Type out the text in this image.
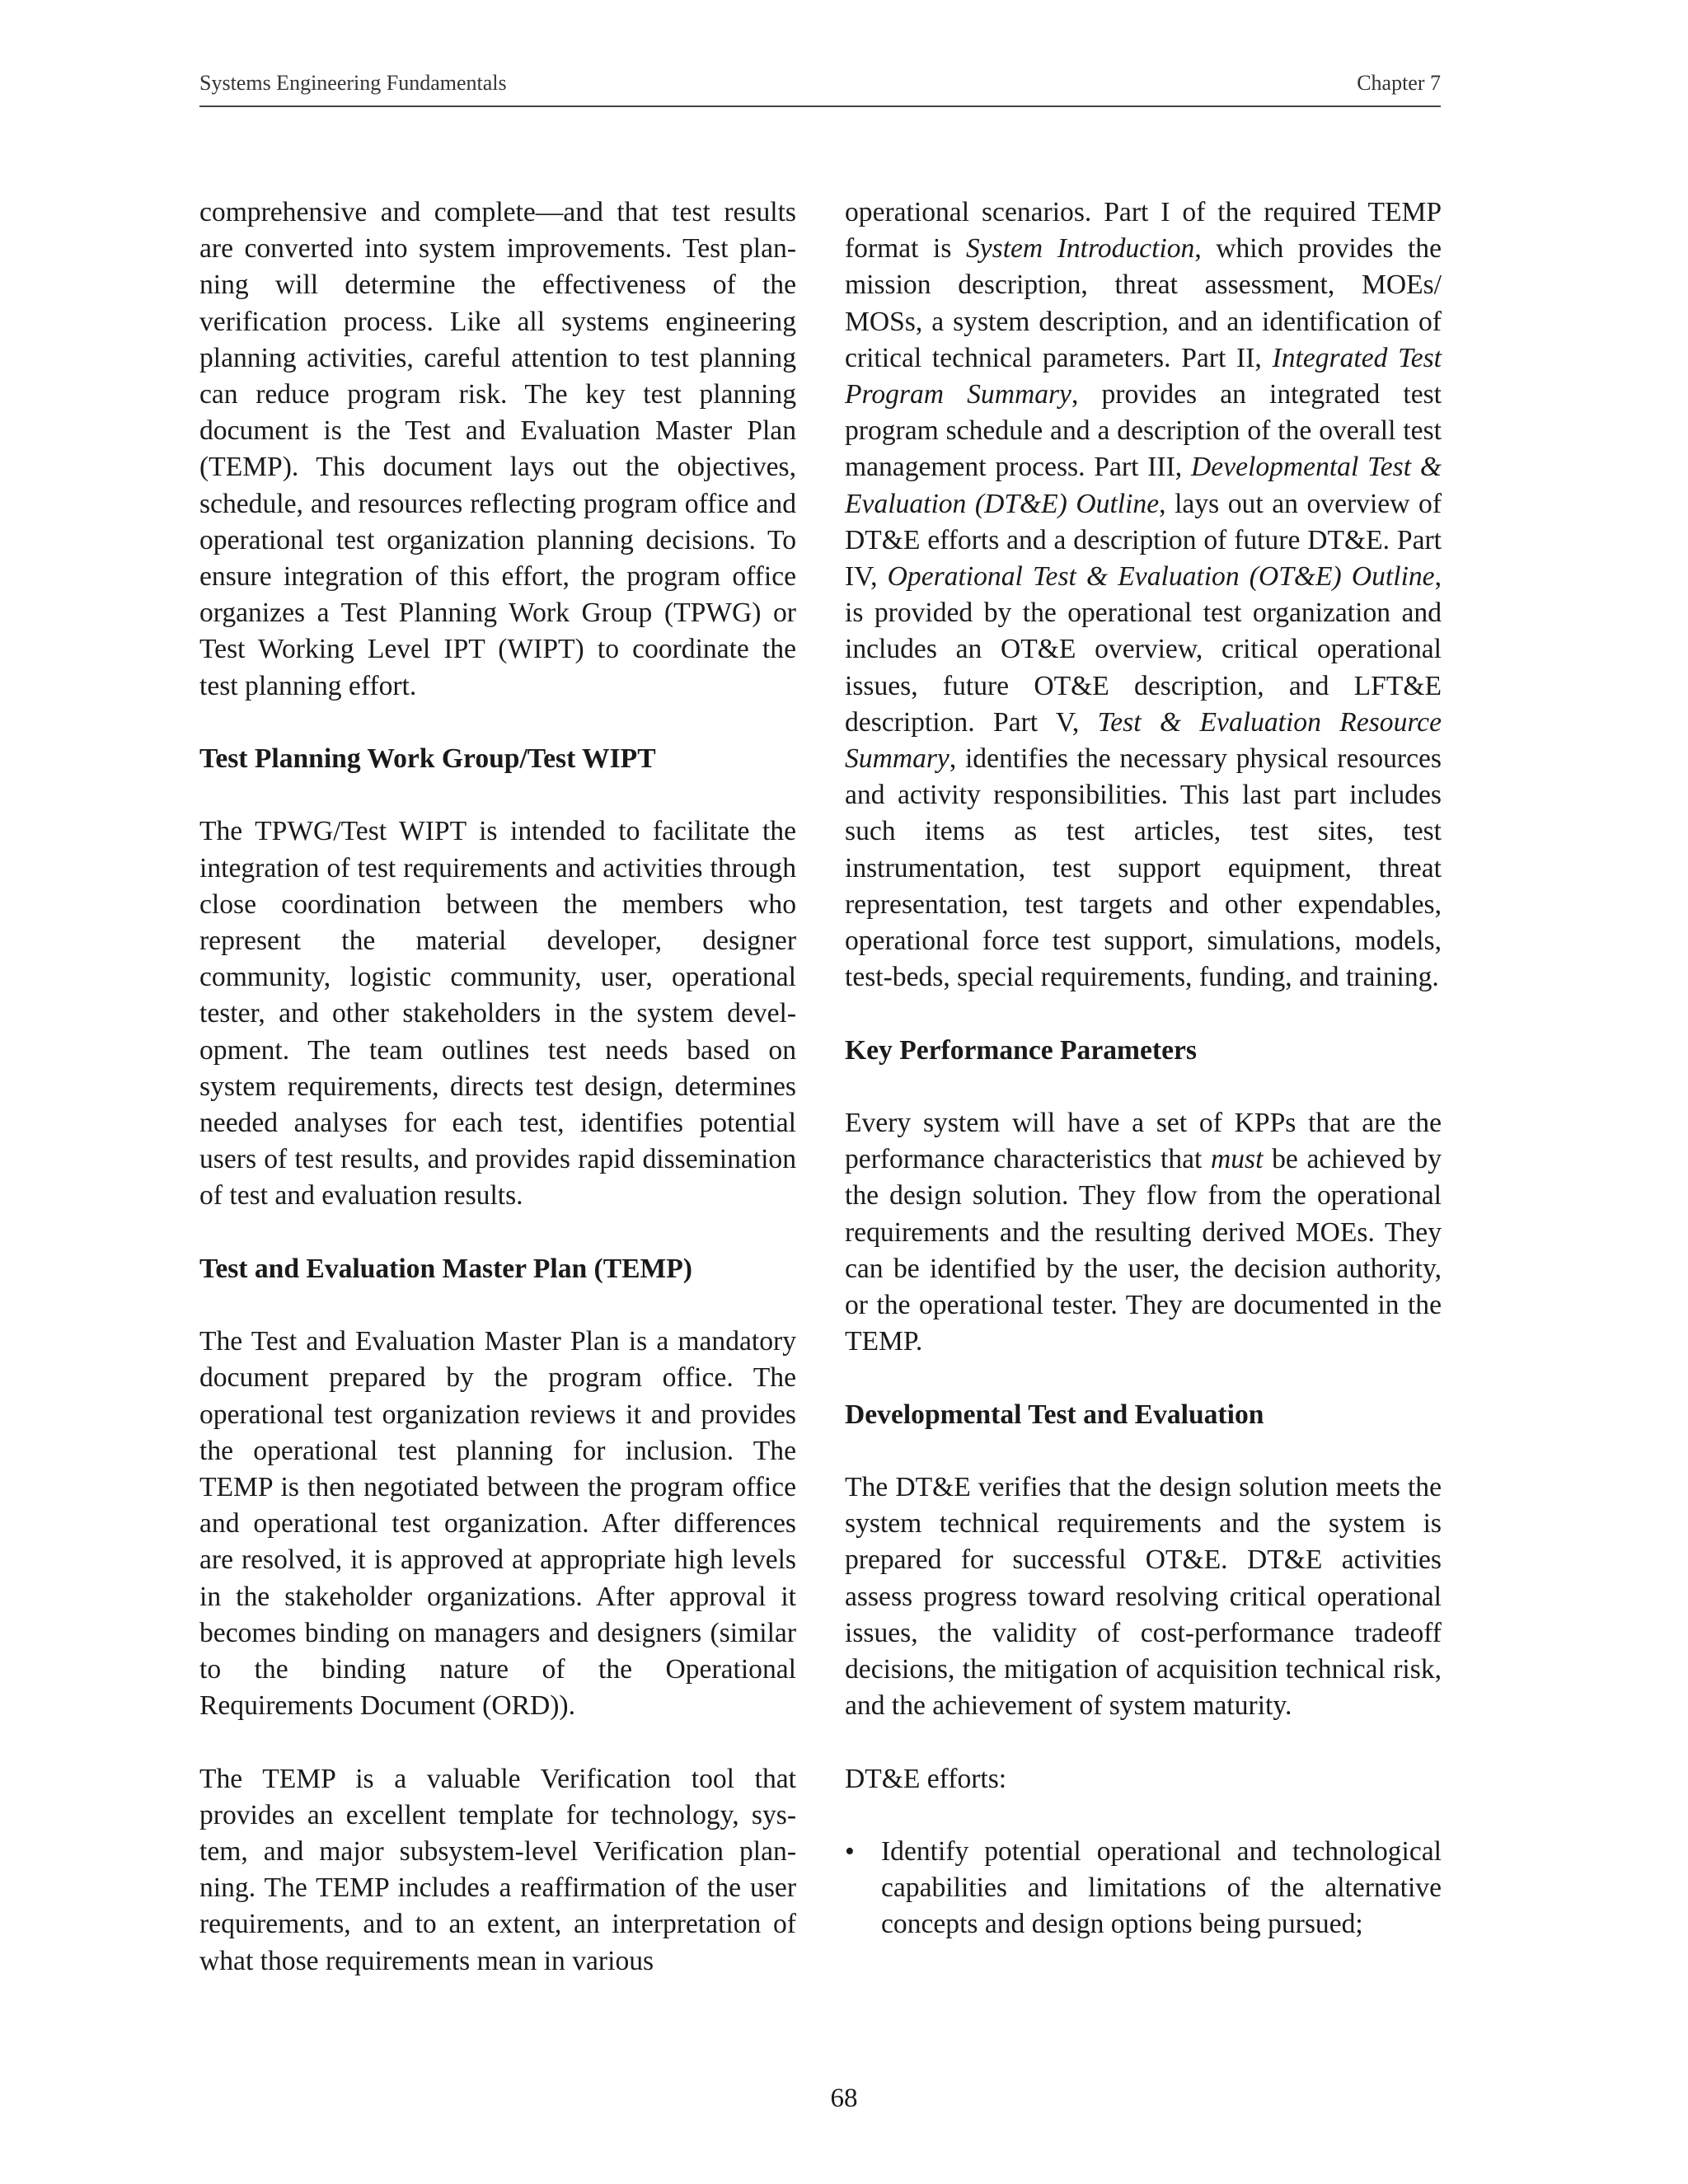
Systems Engineering Fundamentals	Chapter 7

comprehensive and complete—and that test results are converted into system improvements. Test planning will determine the effectiveness of the verification process. Like all systems engineering planning activities, careful attention to test planning can reduce program risk. The key test planning document is the Test and Evaluation Master Plan (TEMP). This document lays out the objectives, schedule, and resources reflecting program office and operational test organization planning decisions. To ensure integration of this effort, the program office organizes a Test Planning Work Group (TPWG) or Test Working Level IPT (WIPT) to coordinate the test planning effort.

Test Planning Work Group/Test WIPT

The TPWG/Test WIPT is intended to facilitate the integration of test requirements and activities through close coordination between the members who represent the material developer, designer community, logistic community, user, operational tester, and other stakeholders in the system development. The team outlines test needs based on system requirements, directs test design, determines needed analyses for each test, identifies potential users of test results, and provides rapid dissemination of test and evaluation results.

Test and Evaluation Master Plan (TEMP)

The Test and Evaluation Master Plan is a mandatory document prepared by the program office. The operational test organization reviews it and provides the operational test planning for inclusion. The TEMP is then negotiated between the program office and operational test organization. After differences are resolved, it is approved at appropriate high levels in the stakeholder organizations. After approval it becomes binding on managers and designers (similar to the binding nature of the Operational Requirements Document (ORD)).

The TEMP is a valuable Verification tool that provides an excellent template for technology, system, and major subsystem-level Verification planning. The TEMP includes a reaffirmation of the user requirements, and to an extent, an interpretation of what those requirements mean in various

operational scenarios. Part I of the required TEMP format is System Introduction, which provides the mission description, threat assessment, MOEs/ MOSs, a system description, and an identification of critical technical parameters. Part II, Integrated Test Program Summary, provides an integrated test program schedule and a description of the overall test management process. Part III, Developmental Test & Evaluation (DT&E) Outline, lays out an overview of DT&E efforts and a description of future DT&E. Part IV, Operational Test & Evaluation (OT&E) Outline, is provided by the operational test organization and includes an OT&E overview, critical operational issues, future OT&E description, and LFT&E description. Part V, Test & Evaluation Resource Summary, identifies the necessary physical resources and activity responsibilities. This last part includes such items as test articles, test sites, test instrumentation, test support equipment, threat representation, test targets and other expendables, operational force test support, simulations, models, test-beds, special requirements, funding, and training.

Key Performance Parameters

Every system will have a set of KPPs that are the performance characteristics that must be achieved by the design solution. They flow from the operational requirements and the resulting derived MOEs. They can be identified by the user, the decision authority, or the operational tester. They are documented in the TEMP.

Developmental Test and Evaluation

The DT&E verifies that the design solution meets the system technical requirements and the system is prepared for successful OT&E. DT&E activities assess progress toward resolving critical operational issues, the validity of cost-performance tradeoff decisions, the mitigation of acquisition technical risk, and the achievement of system maturity.

DT&E efforts:

• Identify potential operational and technological capabilities and limitations of the alternative concepts and design options being pursued;
68
